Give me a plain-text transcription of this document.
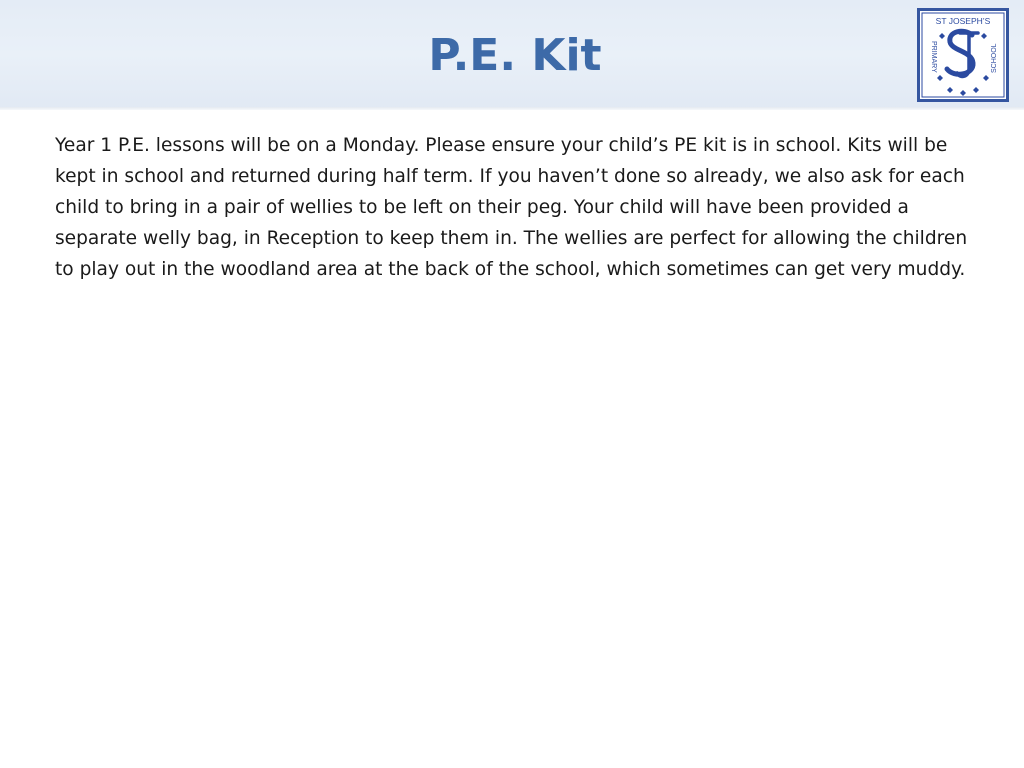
P.E. Kit
ST JOSEPH’S
PRIMARY	SCHOOL

Year 1 P.E. lessons will be on a Monday. Please ensure your child’s PE kit is in school. Kits will be kept in school and returned during half term. If you haven’t done so already, we also ask for each child to bring in a pair of wellies to be left on their peg. Your child will have been provided a separate welly bag, in Reception to keep them in. The wellies are perfect for allowing the children to play out in the woodland area at the back of the school, which sometimes can get very muddy.
